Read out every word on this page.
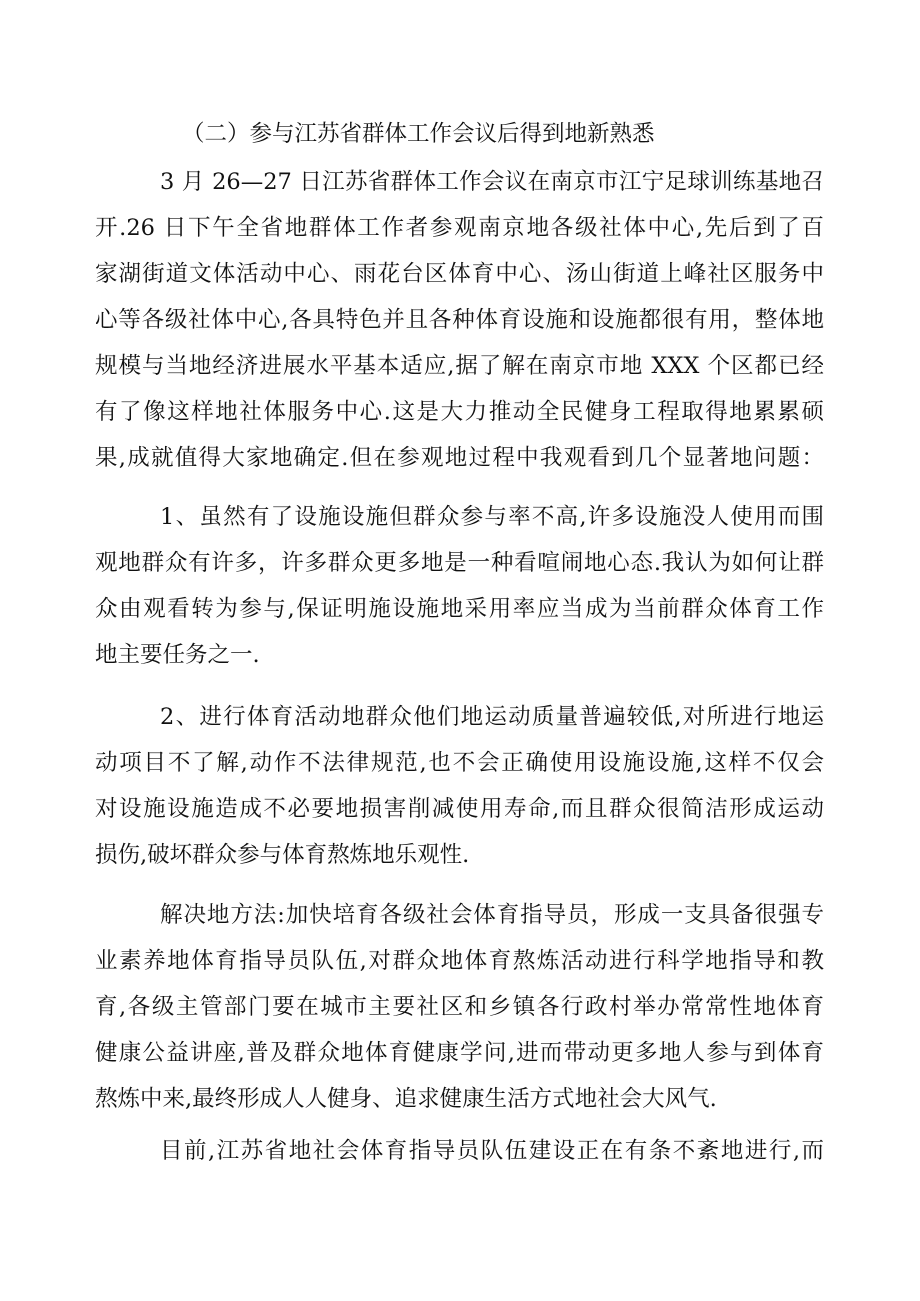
（二）参与江苏省群体工作会议后得到地新熟悉
3 月 26—27 日江苏省群体工作会议在南京市江宁足球训练基地召
开.26 日下午全省地群体工作者参观南京地各级社体中心,先后到了百
家湖街道文体活动中心、雨花台区体育中心、汤山街道上峰社区服务中
心等各级社体中心,各具特色并且各种体育设施和设施都很有用，整体地
规模与当地经济进展水平基本适应,据了解在南京市地 XXX 个区都已经
有了像这样地社体服务中心.这是大力推动全民健身工程取得地累累硕
果,成就值得大家地确定.但在参观地过程中我观看到几个显著地问题：
1、虽然有了设施设施但群众参与率不高,许多设施没人使用而围
观地群众有许多，许多群众更多地是一种看喧闹地心态.我认为如何让群
众由观看转为参与,保证明施设施地采用率应当成为当前群众体育工作
地主要任务之一.
2、进行体育活动地群众他们地运动质量普遍较低,对所进行地运
动项目不了解,动作不法律规范,也不会正确使用设施设施,这样不仅会
对设施设施造成不必要地损害削减使用寿命,而且群众很简洁形成运动
损伤,破坏群众参与体育熬炼地乐观性.
解决地方法:加快培育各级社会体育指导员，形成一支具备很强专
业素养地体育指导员队伍,对群众地体育熬炼活动进行科学地指导和教
育,各级主管部门要在城市主要社区和乡镇各行政村举办常常性地体育
健康公益讲座,普及群众地体育健康学问,进而带动更多地人参与到体育
熬炼中来,最终形成人人健身、追求健康生活方式地社会大风气.
目前,江苏省地社会体育指导员队伍建设正在有条不紊地进行,而
